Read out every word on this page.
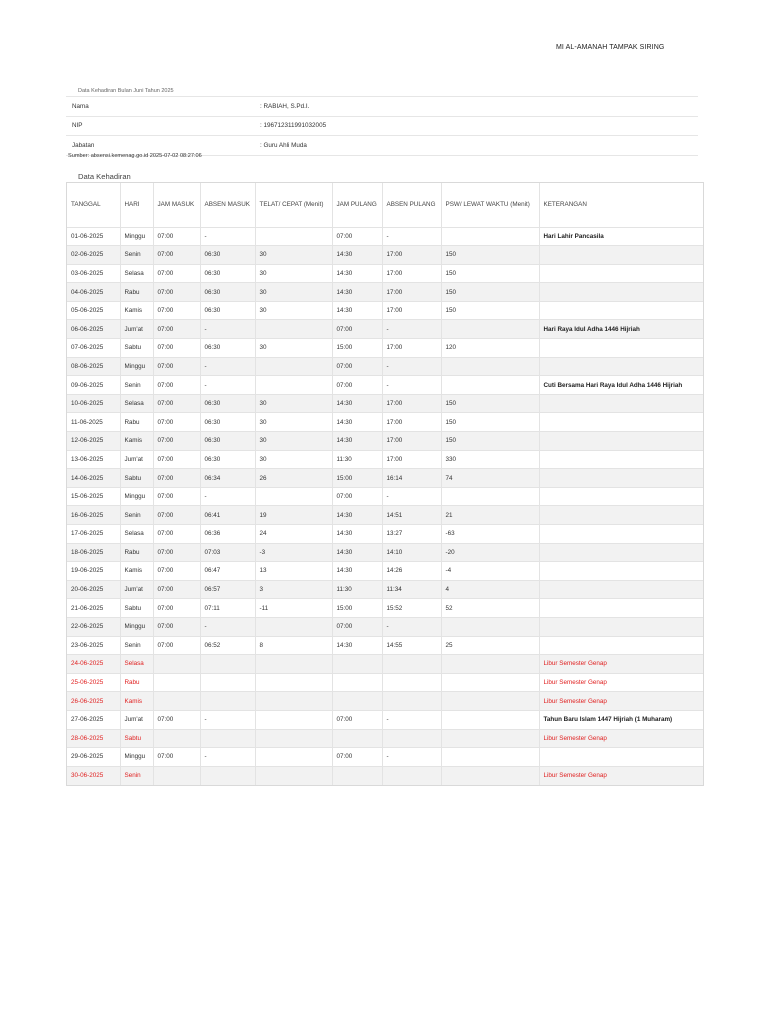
MI AL-AMANAH TAMPAK SIRING
Data Kehadiran Bulan Juni Tahun 2025
Nama	: RABIAH, S.Pd.I.
NIP	: 196712311991032005
Jabatan	: Guru Ahli Muda
Sumber: absensi.kemenag.go.id 2025-07-02 08:27:06
Data Kehadiran
TANGGAL	HARI	JAM MASUK	ABSEN MASUK	TELAT/ CEPAT (Menit)	JAM PULANG	ABSEN PULANG	PSW/ LEWAT WAKTU (Menit)	KETERANGAN
01-06-2025	Minggu	07:00	-		07:00	-		Hari Lahir Pancasila
02-06-2025	Senin	07:00	06:30	30	14:30	17:00	150	
03-06-2025	Selasa	07:00	06:30	30	14:30	17:00	150	
04-06-2025	Rabu	07:00	06:30	30	14:30	17:00	150	
05-06-2025	Kamis	07:00	06:30	30	14:30	17:00	150	
06-06-2025	Jum'at	07:00	-		07:00	-		Hari Raya Idul Adha 1446 Hijriah
07-06-2025	Sabtu	07:00	06:30	30	15:00	17:00	120	
08-06-2025	Minggu	07:00	-		07:00	-		
09-06-2025	Senin	07:00	-		07:00	-		Cuti Bersama Hari Raya Idul Adha 1446 Hijriah
10-06-2025	Selasa	07:00	06:30	30	14:30	17:00	150	
11-06-2025	Rabu	07:00	06:30	30	14:30	17:00	150	
12-06-2025	Kamis	07:00	06:30	30	14:30	17:00	150	
13-06-2025	Jum'at	07:00	06:30	30	11:30	17:00	330	
14-06-2025	Sabtu	07:00	06:34	26	15:00	16:14	74	
15-06-2025	Minggu	07:00	-		07:00	-		
16-06-2025	Senin	07:00	06:41	19	14:30	14:51	21	
17-06-2025	Selasa	07:00	06:36	24	14:30	13:27	-63	
18-06-2025	Rabu	07:00	07:03	-3	14:30	14:10	-20	
19-06-2025	Kamis	07:00	06:47	13	14:30	14:26	-4	
20-06-2025	Jum'at	07:00	06:57	3	11:30	11:34	4	
21-06-2025	Sabtu	07:00	07:11	-11	15:00	15:52	52	
22-06-2025	Minggu	07:00	-		07:00	-		
23-06-2025	Senin	07:00	06:52	8	14:30	14:55	25	
24-06-2025	Selasa							Libur Semester Genap
25-06-2025	Rabu							Libur Semester Genap
26-06-2025	Kamis							Libur Semester Genap
27-06-2025	Jum'at	07:00	-		07:00	-		Tahun Baru Islam 1447 Hijriah (1 Muharam)
28-06-2025	Sabtu							Libur Semester Genap
29-06-2025	Minggu	07:00	-		07:00	-		
30-06-2025	Senin							Libur Semester Genap
